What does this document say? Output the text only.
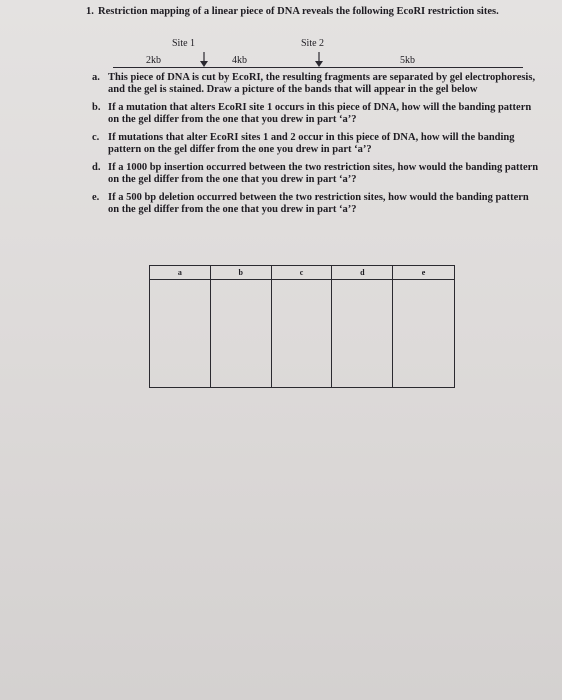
1. Restriction mapping of a linear piece of DNA reveals the following EcoRI restriction sites.
Site 1	Site 2
2kb	4kb	5kb
a. This piece of DNA is cut by EcoRI, the resulting fragments are separated by gel electrophoresis, and the gel is stained. Draw a picture of the bands that will appear in the gel below
b. If a mutation that alters EcoRI site 1 occurs in this piece of DNA, how will the banding pattern on the gel differ from the one that you drew in part ‘a’?
c. If mutations that alter EcoRI sites 1 and 2 occur in this piece of DNA, how will the banding pattern on the gel differ from the one you drew in part ‘a’?
d. If a 1000 bp insertion occurred between the two restriction sites, how would the banding pattern on the gel differ from the one that you drew in part ‘a’?
e. If a 500 bp deletion occurred between the two restriction sites, how would the banding pattern on the gel differ from the one that you drew in part ‘a’?
a	b	c	d	e
